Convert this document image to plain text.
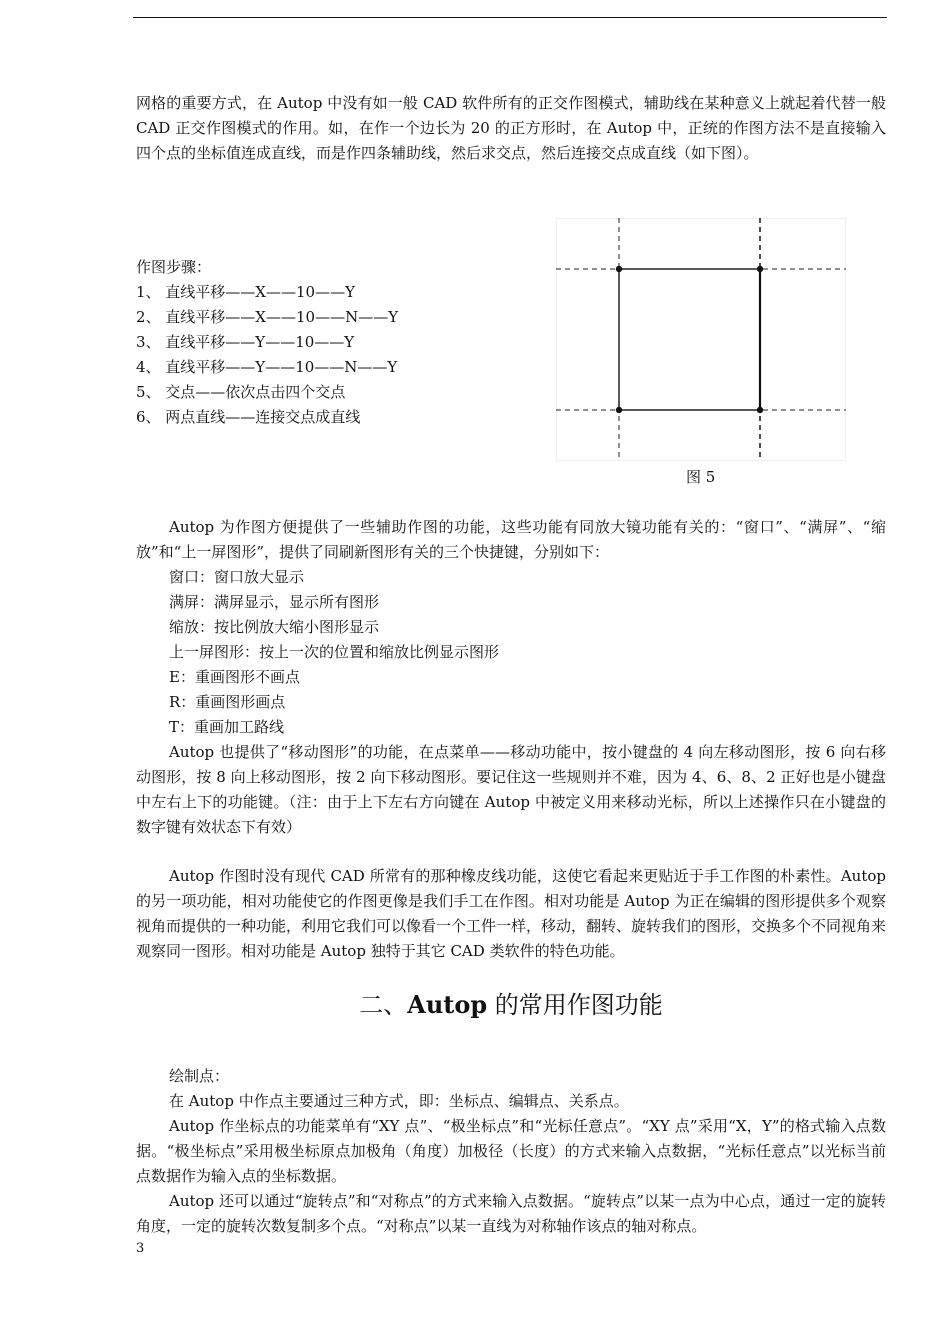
网格的重要方式，在 Autop 中没有如一般 CAD 软件所有的正交作图模式，辅助线在某种意义上就起着代替一般 CAD 正交作图模式的作用。如，在作一个边长为 20 的正方形时，在 Autop 中，正统的作图方法不是直接输入四个点的坐标值连成直线，而是作四条辅助线，然后求交点，然后连接交点成直线（如下图）。

作图步骤：
1、 直线平移——X——10——Y
2、 直线平移——X——10——N——Y
3、 直线平移——Y——10——Y
4、 直线平移——Y——10——N——Y
5、 交点——依次点击四个交点
6、 两点直线——连接交点成直线
图 5

Autop 为作图方便提供了一些辅助作图的功能，这些功能有同放大镜功能有关的：“窗口”、“满屏”、“缩放”和“上一屏图形”，提供了同刷新图形有关的三个快捷键，分别如下：

窗口：窗口放大显示

满屏：满屏显示，显示所有图形

缩放：按比例放大缩小图形显示

上一屏图形：按上一次的位置和缩放比例显示图形

E：重画图形不画点

R：重画图形画点

T：重画加工路线

Autop 也提供了“移动图形”的功能，在点菜单——移动功能中，按小键盘的 4 向左移动图形，按 6 向右移动图形，按 8 向上移动图形，按 2 向下移动图形。要记住这一些规则并不难，因为 4、6、8、2 正好也是小键盘中左右上下的功能键。（注：由于上下左右方向键在 Autop 中被定义用来移动光标，所以上述操作只在小键盘的数字键有效状态下有效）

Autop 作图时没有现代 CAD 所常有的那种橡皮线功能，这使它看起来更贴近于手工作图的朴素性。Autop 的另一项功能，相对功能使它的作图更像是我们手工在作图。相对功能是 Autop 为正在编辑的图形提供多个观察视角而提供的一种功能，利用它我们可以像看一个工件一样，移动，翻转、旋转我们的图形，交换多个不同视角来观察同一图形。相对功能是 Autop 独特于其它 CAD 类软件的特色功能。

二、Autop 的常用作图功能

绘制点：

在 Autop 中作点主要通过三种方式，即：坐标点、编辑点、关系点。

Autop 作坐标点的功能菜单有“XY 点”、“极坐标点”和“光标任意点”。“XY 点”采用“X，Y”的格式输入点数据。“极坐标点”采用极坐标原点加极角（角度）加极径（长度）的方式来输入点数据，“光标任意点”以光标当前点数据作为输入点的坐标数据。

Autop 还可以通过“旋转点”和“对称点”的方式来输入点数据。“旋转点”以某一点为中心点，通过一定的旋转角度，一定的旋转次数复制多个点。“对称点”以某一直线为对称轴作该点的轴对称点。

3
